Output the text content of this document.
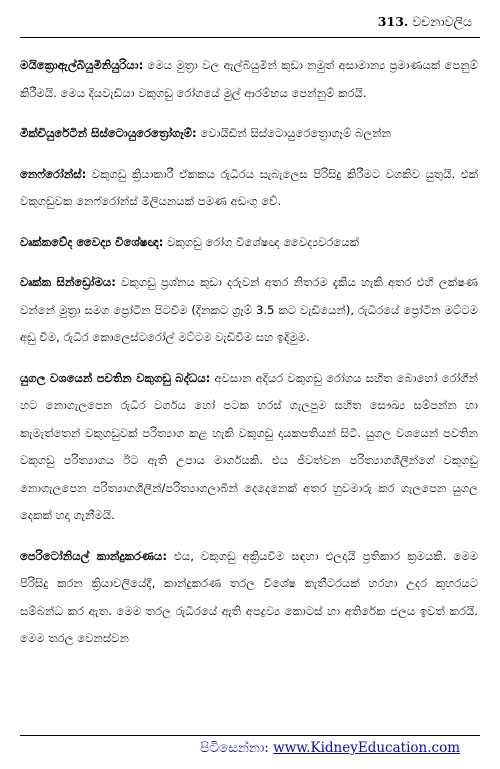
313. වචනාවලිය

මයික්‍රොඇල්බියුමිනියුරියා: මෙය මුත්‍රා වල ඇල්බියුමින් කුඩා නමුත් අසාමාන්‍ය ප්‍රමාණයක් පෙනුම් කිරීමයි. මෙය දියවැඩියා වකුගඩු රෝගයේ මුල් ආරම්භය පෙන්නුම් කරයි.

මික්චියුරේටින් සිස්ටොයුරෙත්‍රෝගෑම්: වොයිඩින් සිස්ටොයුරෙත්‍රොගෑම් බලන්න

නෙෆ්රෝන්ස්: වකුගඩු ක්‍රියාකාරී ඒකකය රුධිරය සැබැලෙස පිරිසිදු කිරීමට වගකිව යුතුයි. එක් වකුගඩුවක නෙෆ්රෝන්ස් මිලියනයක් පමණ අඩංගු වේ.

වෘක්කවේද වෛද්‍ය විශේෂඥ: වකුගඩු රෝග විශේෂඥ වෛද්‍යවරයෙක්

වෘක්ක සින්ඩ්‍රෝමය: වකුගඩු ප්‍රශ්නය කුඩා දරුවන් අතර නිතරම දැකිය හැකි අතර එහි ලක්ෂණ වන්නේ මුත්‍රා සමග ප්‍රෝටීන පිටවීම (දිනකට ග්‍රෑම් 3.5 කට වැඩියෙන්), රුධිරයේ ප්‍රෝටීන මට්ටම අඩු වීම, රුධිර කොලෙස්ටරෝල් මට්ටම වැඩිවීම සහ ඉදිමුම.

යුගල වශයෙන් පවතින වකුගඩු බද්ධය: අවසාන අදියර වකුගඩු රෝගය සහිත බොහෝ රෝගීන් හට නොගැලපෙන රුධිර වර්ගය හෝ පටක හරස් ගැලපුම සහිත සෞඛ්‍ය සම්පන්න හා කැමැත්තෙන් වකුගඩුවක් පරිත්‍යාග කළ හැකි වකුගඩු දායකපතියන් සිටී. යුගල වශයෙන් පවතින වකුගඩු පරිත්‍යාගය ඊට ඇති උපාය මාර්ගයකි. එය ජීවත්වන පරිත්‍යාගශීලීන්ගේ වකුගඩු නොගැලපෙන පරිත්‍යාගශීලීන්/පරිත්‍යාගලාබීන් දෙදෙනෙක් අතර හුවමාරු කර ගැලපෙන යුගල දෙකක් හදා ගැනීමයි.

පෙරිටෝනියල් කාන්දුකරණය: එය, වකුගඩු අක්‍රියවීම සඳහා එලදායි ප්‍රතිකාර ක්‍රමයකි. මෙම පිරිසිදු කරන ක්‍රියාවලියේදී, කාන්දුකරණ තරල විශේෂ කැතීටරයක් හරහා උදර කුහරයට සම්බන්ධ කර ඇත. මෙම තරල රුධිරයේ ඇති අපද්‍රව්‍ය කොටස් හා අතිරේක ජලය ඉවත් කරයි. මෙම තරල වෙනස්වන

පිටිසෙන්නා: www.KidneyEducation.com
